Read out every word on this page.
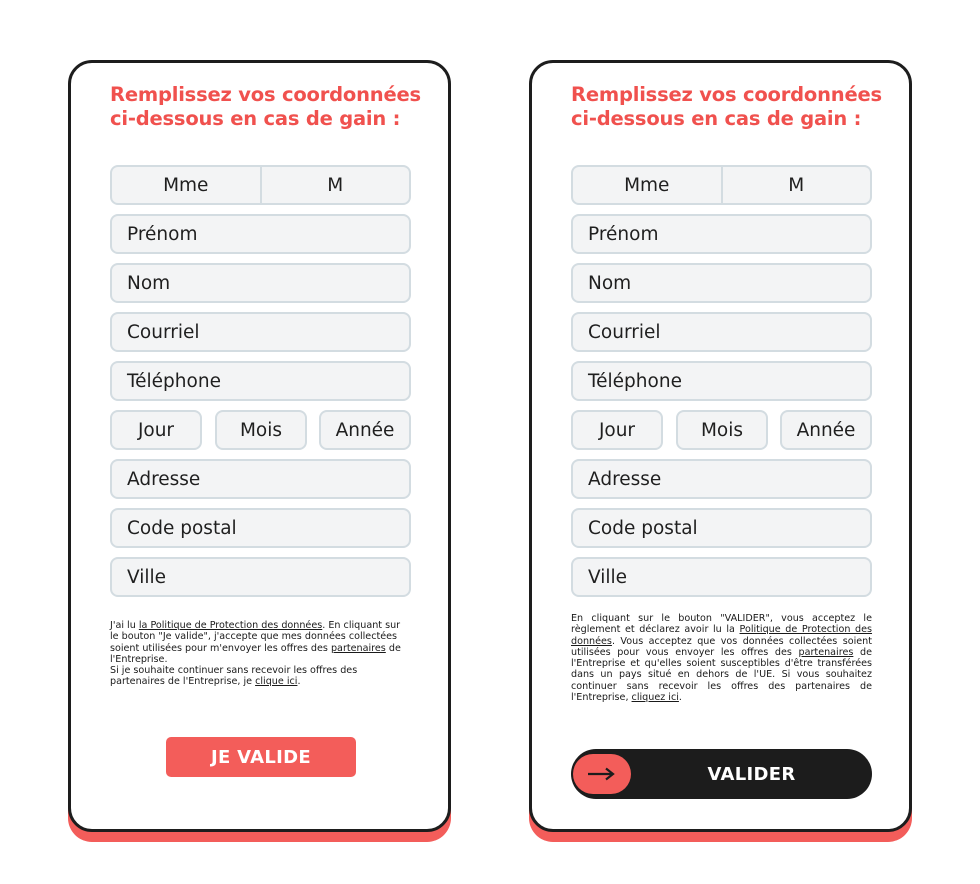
Remplissez vos coordonnées
ci-dessous en cas de gain :
Mme	M
Prénom
Nom
Courriel
Téléphone
Jour	Mois	Année
Adresse
Code postal
Ville

J'ai lu la Politique de Protection des données. En cliquant sur le bouton "Je valide", j'accepte que mes données collectées soient utilisées pour m'envoyer les offres des partenaires de l'Entreprise.

Si je souhaite continuer sans recevoir les offres des partenaires de l'Entreprise, je clique ici.

JE VALIDE
Remplissez vos coordonnées
ci-dessous en cas de gain :
Mme	M
Prénom
Nom
Courriel
Téléphone
Jour	Mois	Année
Adresse
Code postal
Ville

En cliquant sur le bouton "VALIDER", vous acceptez le règlement et déclarez avoir lu la Politique de Protection des données. Vous acceptez que vos données collectées soient utilisées pour vous envoyer les offres des partenaires de l'Entreprise et qu'elles soient susceptibles d'être transférées dans un pays situé en dehors de l'UE. Si vous souhaitez continuer sans recevoir les offres des partenaires de l'Entreprise, cliquez ici.

VALIDER
